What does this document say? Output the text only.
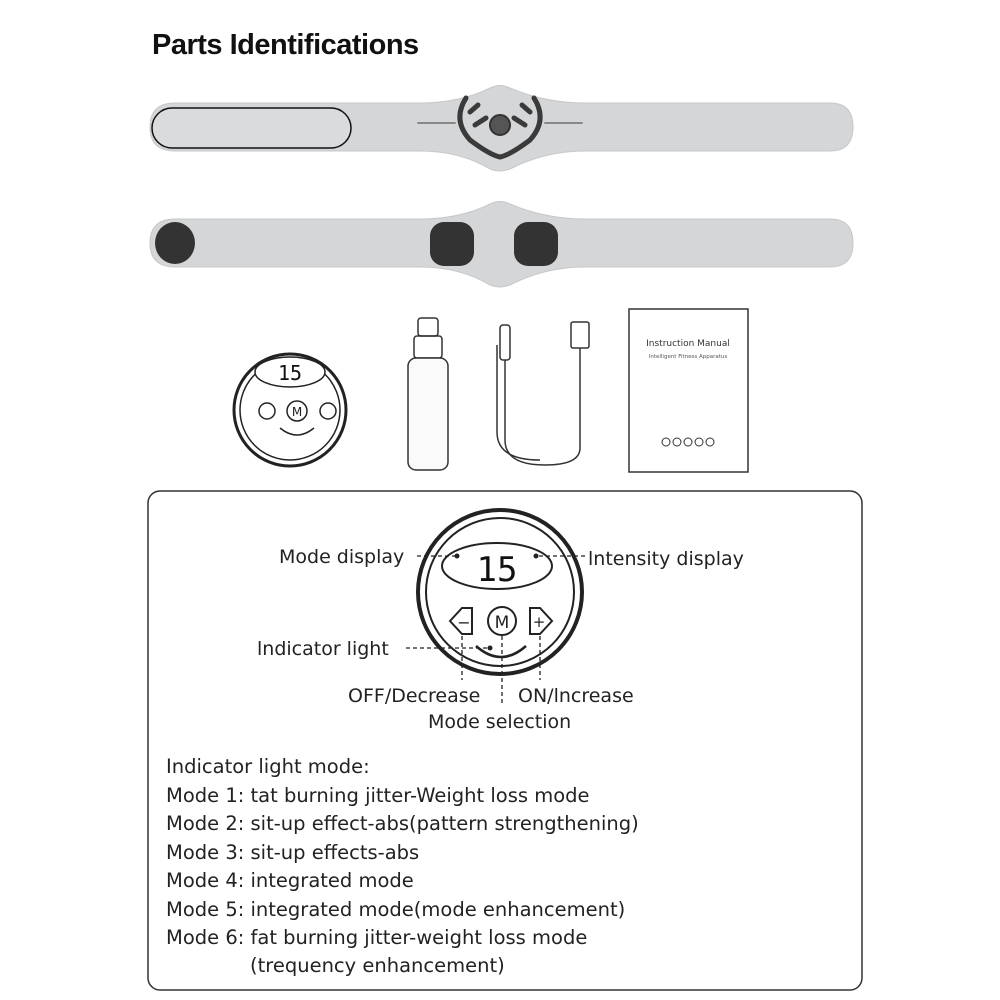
Parts Identifications
15
M
Instruction Manual
Intelligent Fitness Apparatus
15
− M +
Mode display	lntensity display
lndicator light
OFF/Decrease ON/lncrease
Mode selection
Indicator light mode:
Mode 1: tat burning jitter-Weight loss mode
Mode 2: sit-up effect-abs(pattern strengthening)
Mode 3: sit-up effects-abs
Mode 4: integrated mode
Mode 5: integrated mode(mode enhancement)
Mode 6: fat burning jitter-weight loss mode
(trequency enhancement)
